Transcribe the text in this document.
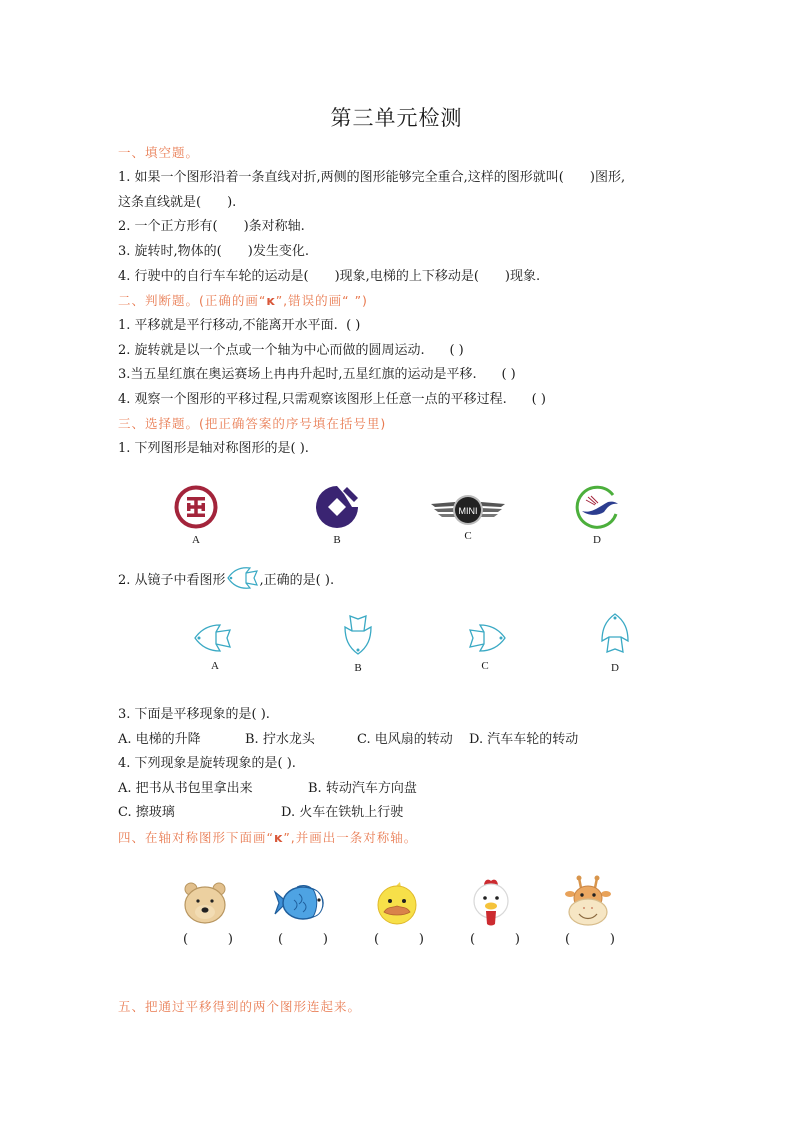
第三单元检测
一、填空题。
1. 如果一个图形沿着一条直线对折,两侧的图形能够完全重合,这样的图形就叫( )图形,
这条直线就是( ).
2. 一个正方形有( )条对称轴.
3. 旋转时,物体的( )发生变化.
4. 行驶中的自行车车轮的运动是( )现象,电梯的上下移动是( )现象.
二、判断题。(正确的画“ĸ”,错误的画“ ”)
1. 平移就是平行移动,不能离开水平面. ( )
2. 旋转就是以一个点或一个轴为中心而做的圆周运动. ( )
3.当五星红旗在奥运赛场上冉冉升起时,五星红旗的运动是平移. ( )
4. 观察一个图形的平移过程,只需观察该图形上任意一点的平移过程. ( )
三、选择题。(把正确答案的序号填在括号里)
1. 下列图形是轴对称图形的是( ).
A	B
MINI
C	D
2. 从镜子中看图形	,正确的是( ).
A	B	C	D
3. 下面是平移现象的是( ).
A. 电梯的升降	B. 拧水龙头	C. 电风扇的转动 D. 汽车车轮的转动
4. 下列现象是旋转现象的是( ).
A. 把书从书包里拿出来	B. 转动汽车方向盘
C. 擦玻璃	D. 火车在铁轨上行驶
四、在轴对称图形下面画“ĸ”,并画出一条对称轴。
(	)	(	)	(	)	(	)	(	)
五、把通过平移得到的两个图形连起来。
